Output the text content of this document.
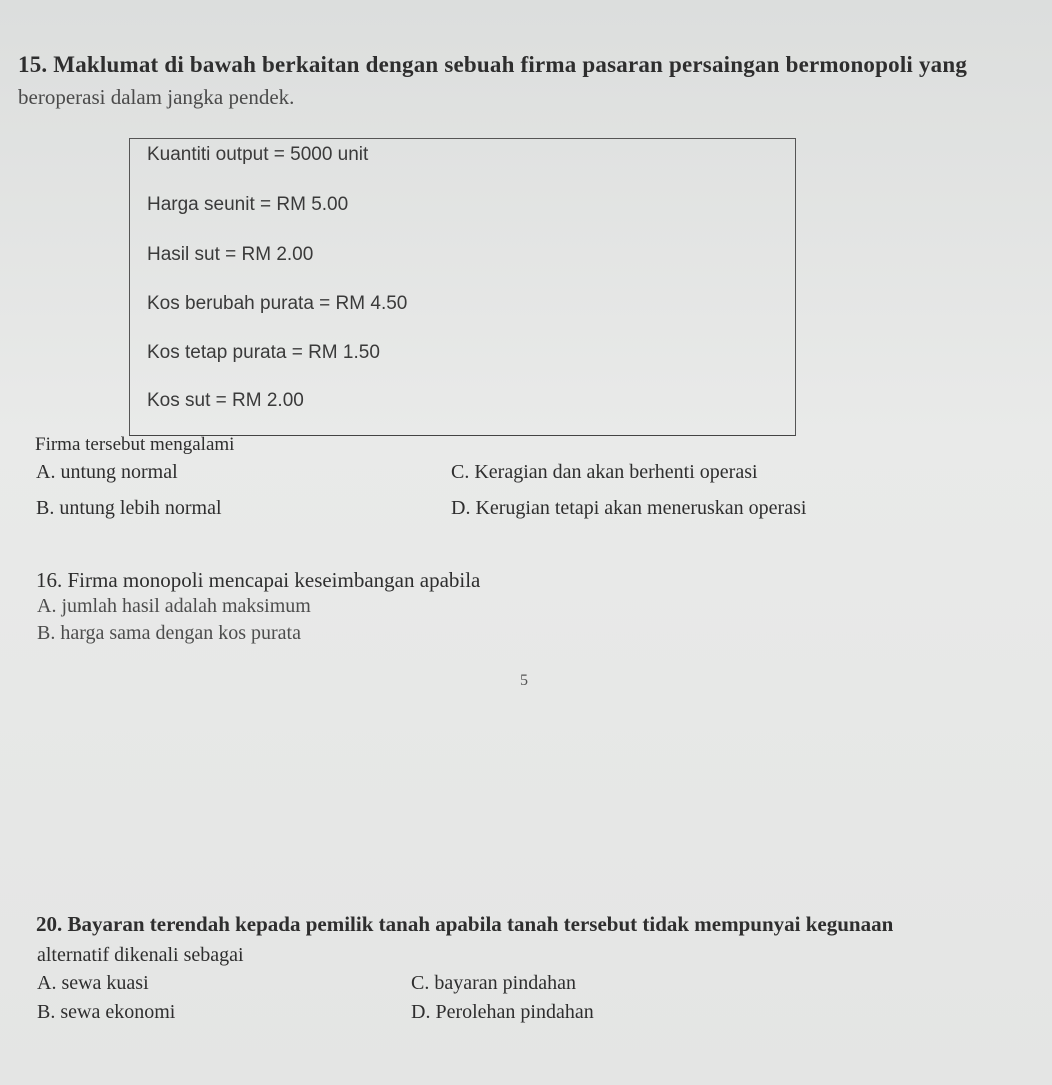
15. Maklumat di bawah berkaitan dengan sebuah firma pasaran persaingan bermonopoli yang
beroperasi dalam jangka pendek.
Kuantiti output = 5000 unit
Harga seunit = RM 5.00
Hasil sut = RM 2.00
Kos berubah purata = RM 4.50
Kos tetap purata = RM 1.50
Kos sut = RM 2.00
Firma tersebut mengalami
A. untung normal	C. Keragian dan akan berhenti operasi
B. untung lebih normal	D. Kerugian tetapi akan meneruskan operasi
16. Firma monopoli mencapai keseimbangan apabila
A. jumlah hasil adalah maksimum
B. harga sama dengan kos purata
5
20. Bayaran terendah kepada pemilik tanah apabila tanah tersebut tidak mempunyai kegunaan
alternatif dikenali sebagai
A. sewa kuasi	C. bayaran pindahan
B. sewa ekonomi	D. Perolehan pindahan
